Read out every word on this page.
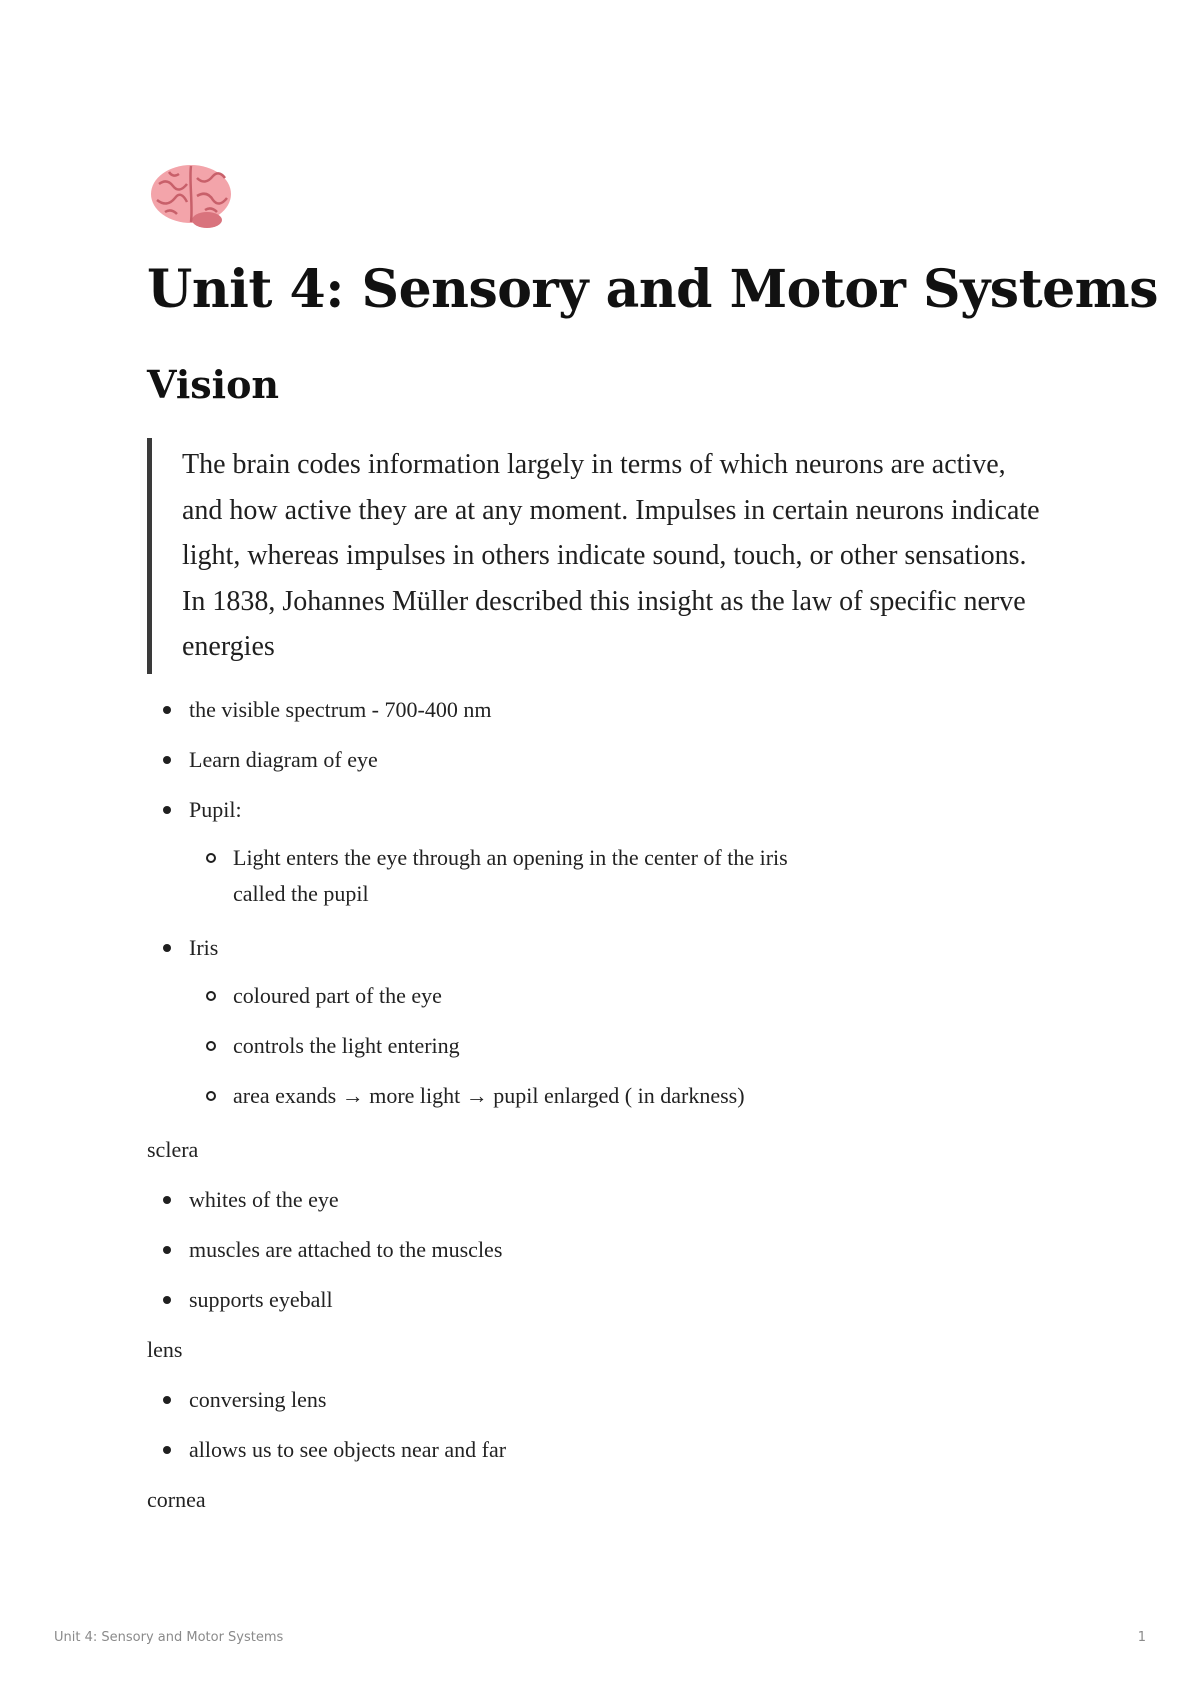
Unit 4: Sensory and Motor Systems
Vision
The brain codes information largely in terms of which neurons are active, and how active they are at any moment. Impulses in certain neurons indicate light, whereas impulses in others indicate sound, touch, or other sensations. In 1838, Johannes Müller described this insight as the law of specific nerve energies
the visible spectrum - 700-400 nm
Learn diagram of eye
Pupil:
Light enters the eye through an opening in the center of the iris called the pupil
Iris
coloured part of the eye
controls the light entering
area exands → more light → pupil enlarged ( in darkness)
sclera
whites of the eye
muscles are attached to the muscles
supports eyeball
lens
conversing lens
allows us to see objects near and far
cornea
Unit 4: Sensory and Motor Systems	1
